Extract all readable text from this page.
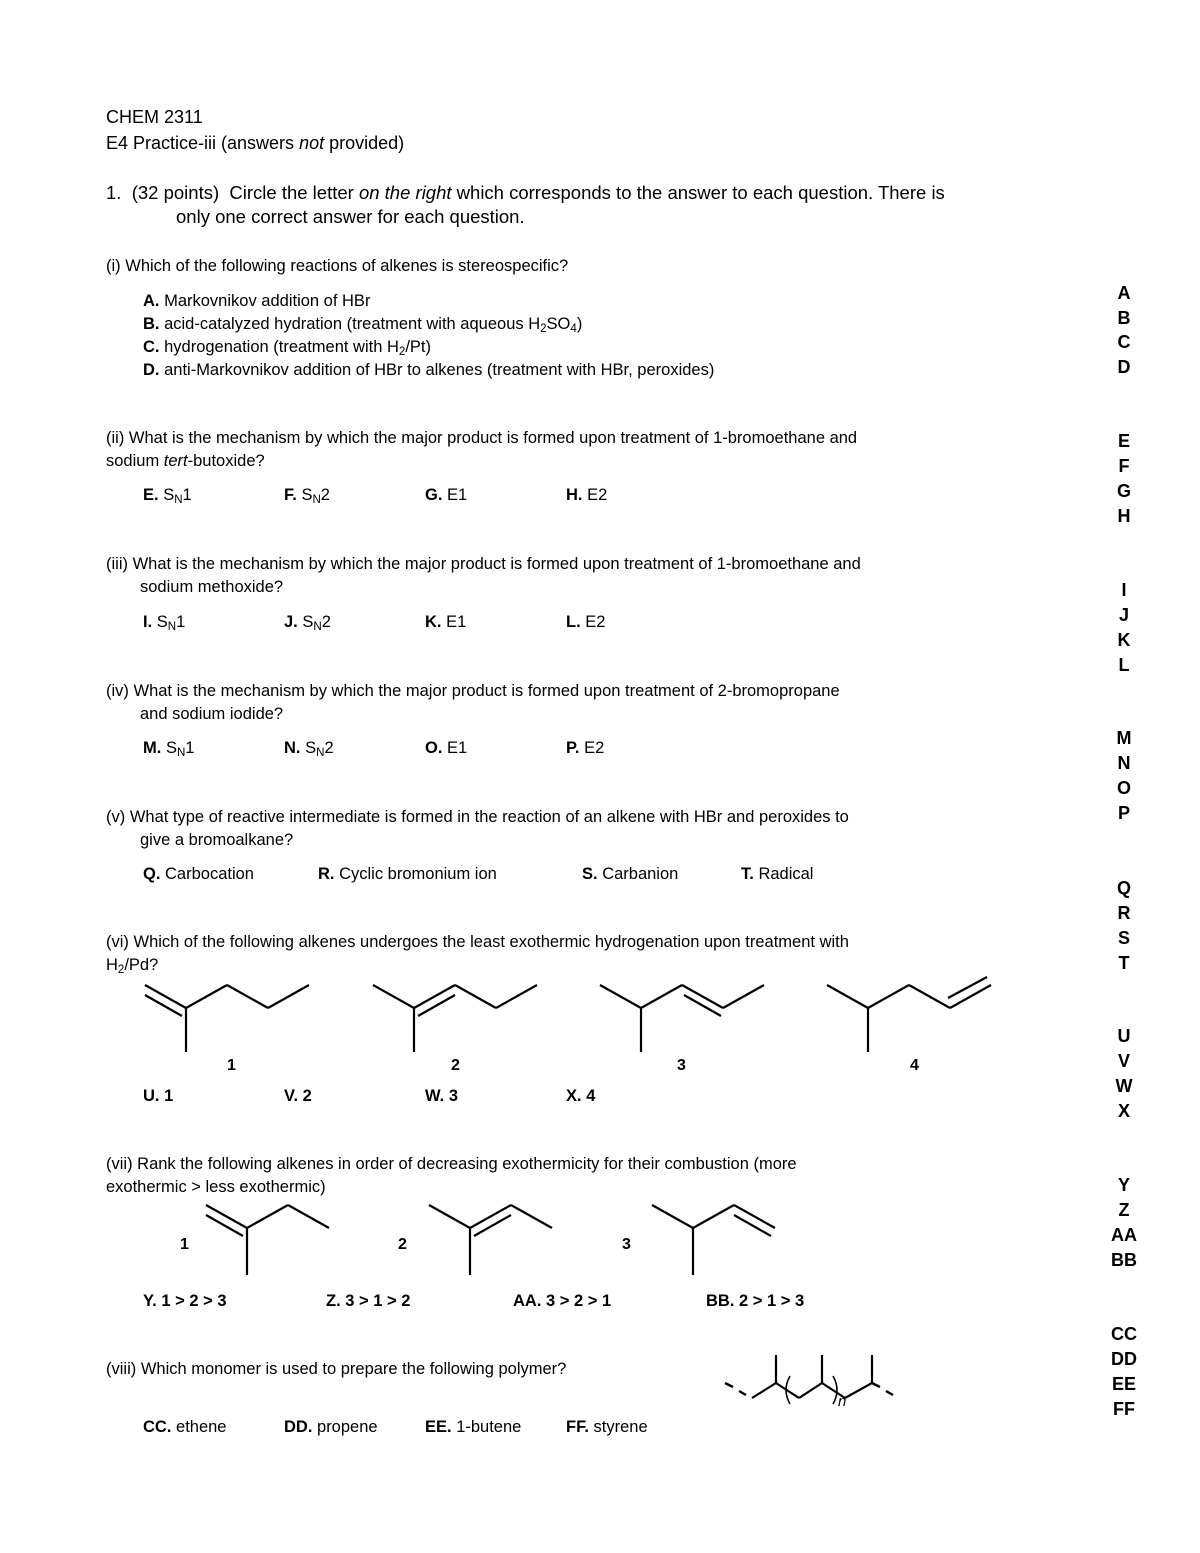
CHEM 2311
E4 Practice-iii (answers not provided)
1. (32 points) Circle the letter on the right which corresponds to the answer to each question. There is
only one correct answer for each question.
(i) Which of the following reactions of alkenes is stereospecific?
A. Markovnikov addition of HBr
B. acid-catalyzed hydration (treatment with aqueous $H_2SO_4$)
C. hydrogenation (treatment with $H_2/Pt$)
D. anti-Markovnikov addition of HBr to alkenes (treatment with HBr, peroxides)
A
B
C
D
(ii) What is the mechanism by which the major product is formed upon treatment of 1-bromoethane and
sodium tert-butoxide?
E. $S_N1$	F. $S_N2$	G. E1	H. E2
E
F
G
H
(iii) What is the mechanism by which the major product is formed upon treatment of 1-bromoethane and
sodium methoxide?
I. $S_N1$	J. $S_N2$	K. E1	L. E2
I
J
K
L
(iv) What is the mechanism by which the major product is formed upon treatment of 2-bromopropane
and sodium iodide?
M. $S_N1$	N. $S_N2$	O. E1	P. E2	M
N
O
P
(v) What type of reactive intermediate is formed in the reaction of an alkene with HBr and peroxides to
give a bromoalkane?
Q. Carbocation	R. Cyclic bromonium ion	S. Carbanion	T. Radical
Q
R
S
T
(vi) Which of the following alkenes undergoes the least exothermic hydrogenation upon treatment with
$H_2/Pd$?
1	2	3	4
U. 1	V. 2	W. 3	X. 4
U
V
W
X
(vii) Rank the following alkenes in order of decreasing exothermicity for their combustion (more
exothermic > less exothermic)
1	2	3
Y. 1 > 2 > 3	Z. 3 > 1 > 2	AA. 3 > 2 > 1	BB. 2 > 1 > 3
Y
Z
AA
BB
(viii) Which monomer is used to prepare the following polymer?
n
CC. ethene	DD. propene	EE. 1-butene	FF. styrene
CC
DD
EE
FF
